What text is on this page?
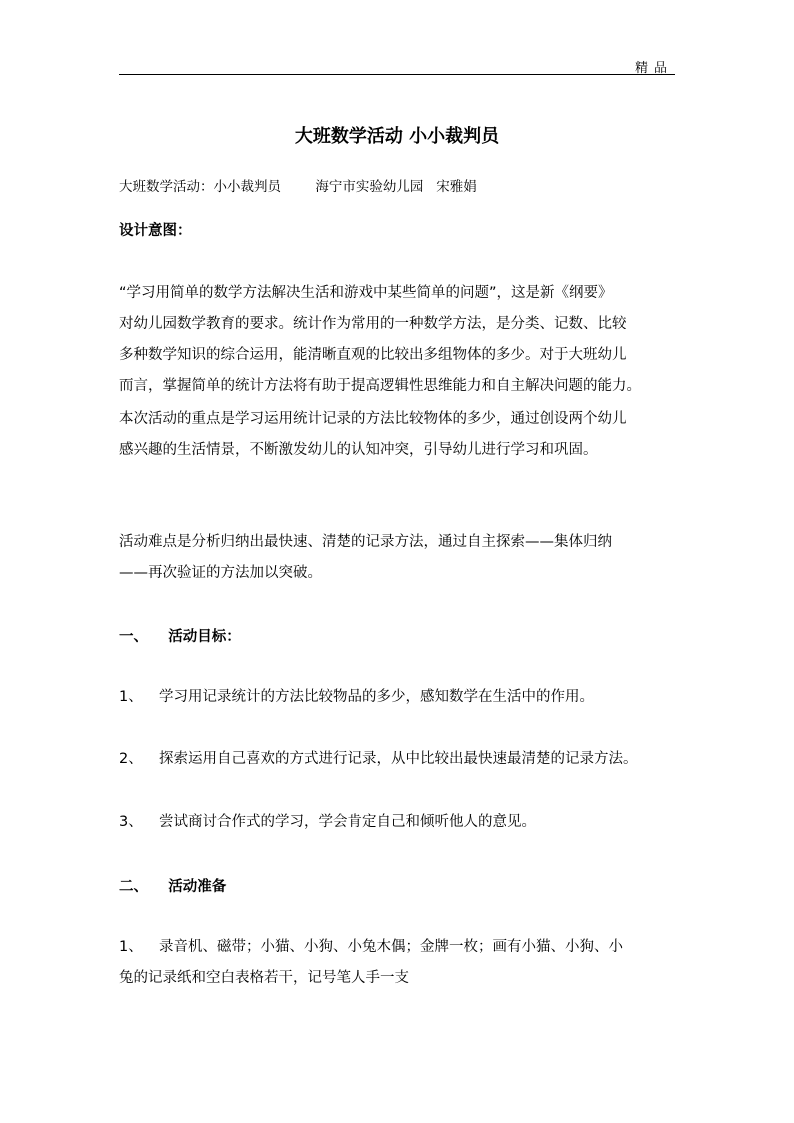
精品
大班数学活动 小小裁判员
大班数学活动：小小裁判员        海宁市实验幼儿园   宋雅娟
设计意图：
“学习用简单的数学方法解决生活和游戏中某些简单的问题”，这是新《纲要》
对幼儿园数学教育的要求。统计作为常用的一种数学方法，是分类、记数、比较
多种数学知识的综合运用，能清晰直观的比较出多组物体的多少。对于大班幼儿
而言，掌握简单的统计方法将有助于提高逻辑性思维能力和自主解决问题的能力。
本次活动的重点是学习运用统计记录的方法比较物体的多少，通过创设两个幼儿
感兴趣的生活情景，不断激发幼儿的认知冲突，引导幼儿进行学习和巩固。
活动难点是分析归纳出最快速、清楚的记录方法，通过自主探索——集体归纳
——再次验证的方法加以突破。
一、    活动目标：
1、 学习用记录统计的方法比较物品的多少，感知数学在生活中的作用。
2、 探索运用自己喜欢的方式进行记录，从中比较出最快速最清楚的记录方法。
3、 尝试商讨合作式的学习，学会肯定自己和倾听他人的意见。
二、    活动准备
1、 录音机、磁带；小猫、小狗、小兔木偶；金牌一枚；画有小猫、小狗、小
兔的记录纸和空白表格若干，记号笔人手一支
